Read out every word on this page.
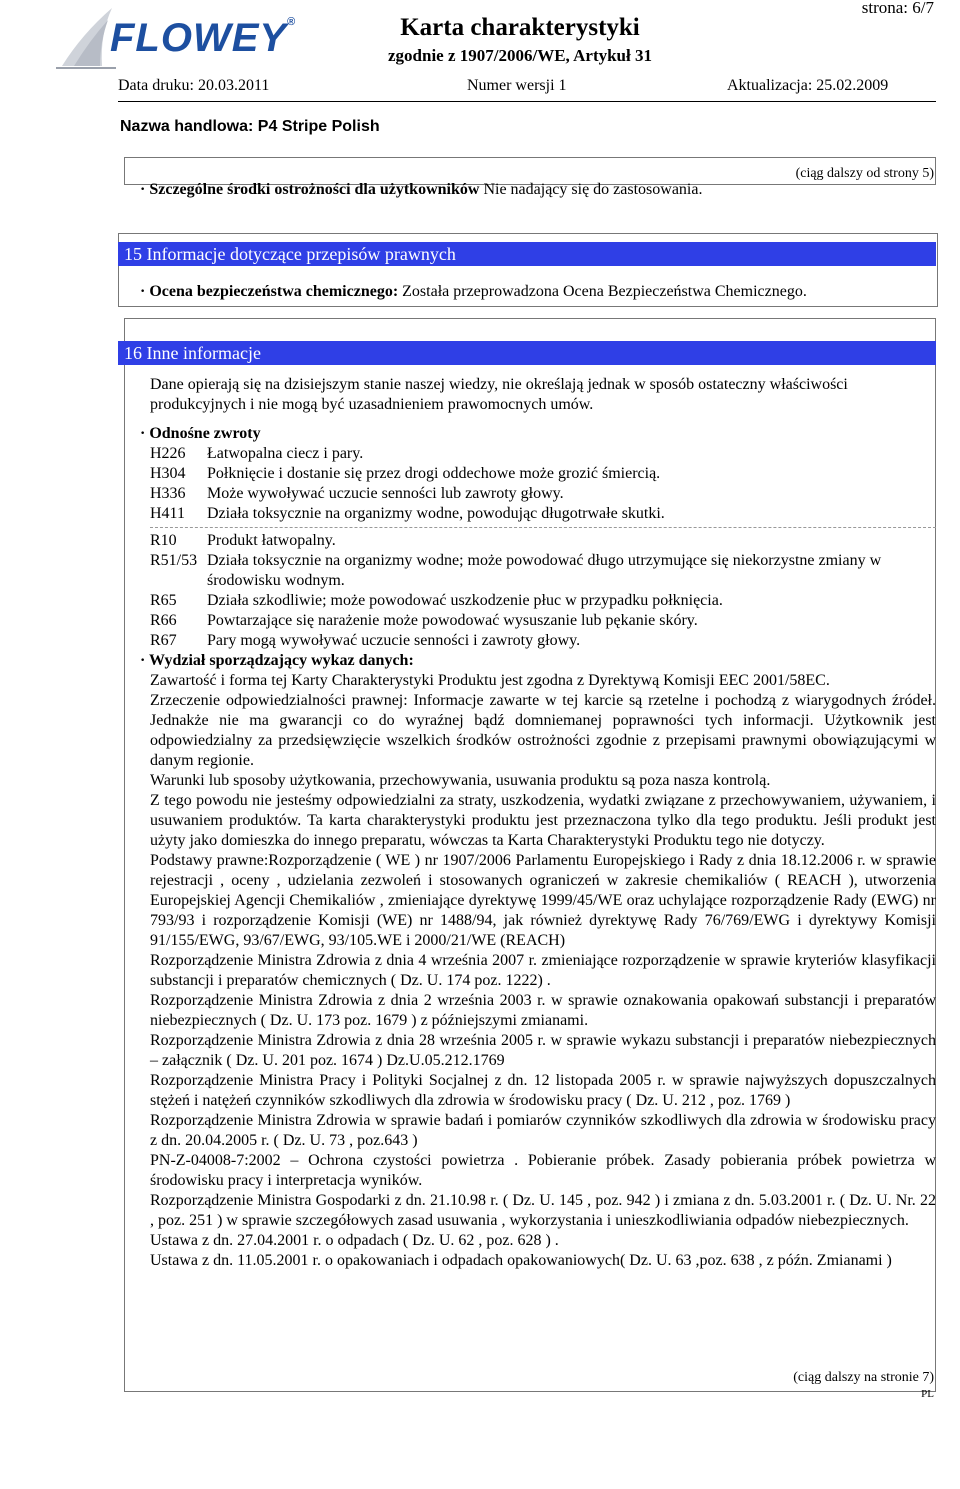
FLOWEY®	Karta charakterystyki
zgodnie z 1907/2006/WE, Artykuł 31
strona: 6/7
Data druku: 20.03.2011	Numer wersji 1	Aktualizacja: 25.02.2009
Nazwa handlowa: P4 Stripe Polish
(ciąg dalszy od strony 5)
· Szczególne środki ostrożności dla użytkowników Nie nadający się do zastosowania.
15 Informacje dotyczące przepisów prawnych
· Ocena bezpieczeństwa chemicznego: Została przeprowadzona Ocena Bezpieczeństwa Chemicznego.
16 Inne informacje
Dane opierają się na dzisiejszym stanie naszej wiedzy, nie określają jednak w sposób ostateczny właściwości produkcyjnych i nie mogą być uzasadnieniem prawomocnych umów.
· Odnośne zwroty
H226	Łatwopalna ciecz i pary.
H304	Połknięcie i dostanie się przez drogi oddechowe może grozić śmiercią.
H336	Może wywoływać uczucie senności lub zawroty głowy.
H411	Działa toksycznie na organizmy wodne, powodując długotrwałe skutki.
R10	Produkt łatwopalny.
R51/53 Działa toksycznie na organizmy wodne; może powodować długo utrzymujące się niekorzystne zmiany w środowisku wodnym.
R65	Działa szkodliwie; może powodować uszkodzenie płuc w przypadku połknięcia.
R66	Powtarzające się narażenie może powodować wysuszanie lub pękanie skóry.
R67	Pary mogą wywoływać uczucie senności i zawroty głowy.
· Wydział sporządzający wykaz danych:
Zawartość i forma tej Karty Charakterystyki Produktu jest zgodna z Dyrektywą Komisji EEC 2001/58EC.
Zrzeczenie odpowiedzialności prawnej: Informacje zawarte w tej karcie są rzetelne i pochodzą z wiarygodnych źródeł. Jednakże nie ma gwarancji co do wyraźnej bądź domniemanej poprawności tych informacji. Użytkownik jest odpowiedzialny za przedsięwzięcie wszelkich środków ostrożności zgodnie z przepisami prawnymi obowiązującymi w danym regionie.
Warunki lub sposoby użytkowania, przechowywania, usuwania produktu są poza nasza kontrolą.
Z tego powodu nie jesteśmy odpowiedzialni za straty, uszkodzenia, wydatki związane z przechowywaniem, używaniem, i usuwaniem produktów. Ta karta charakterystyki produktu jest przeznaczona tylko dla tego produktu. Jeśli produkt jest użyty jako domieszka do innego preparatu, wówczas ta Karta Charakterystyki Produktu tego nie dotyczy.
Podstawy prawne:Rozporządzenie ( WE ) nr 1907/2006 Parlamentu Europejskiego i Rady z dnia 18.12.2006 r. w sprawie rejestracji , oceny , udzielania zezwoleń i stosowanych ograniczeń w zakresie chemikaliów ( REACH ), utworzenia Europejskiej Agencji Chemikaliów , zmieniające dyrektywę 1999/45/WE oraz uchylające rozporządzenie Rady (EWG) nr 793/93 i rozporządzenie Komisji (WE) nr 1488/94, jak również dyrektywę Rady 76/769/EWG i dyrektywy Komisji 91/155/EWG, 93/67/EWG, 93/105.WE i 2000/21/WE (REACH)
Rozporządzenie Ministra Zdrowia z dnia 4 września 2007 r. zmieniające rozporządzenie w sprawie kryteriów klasyfikacji substancji i preparatów chemicznych ( Dz. U. 174 poz. 1222) .
Rozporządzenie Ministra Zdrowia z dnia 2 września 2003 r. w sprawie oznakowania opakowań substancji i preparatów niebezpiecznych ( Dz. U. 173 poz. 1679 ) z późniejszymi zmianami.
Rozporządzenie Ministra Zdrowia z dnia 28 września 2005 r. w sprawie wykazu substancji i preparatów niebezpiecznych – załącznik ( Dz. U. 201 poz. 1674 ) Dz.U.05.212.1769
Rozporządzenie Ministra Pracy i Polityki Socjalnej z dn. 12 listopada 2005 r. w sprawie najwyższych dopuszczalnych stężeń i natężeń czynników szkodliwych dla zdrowia w środowisku pracy ( Dz. U. 212 , poz. 1769 )
Rozporządzenie Ministra Zdrowia w sprawie badań i pomiarów czynników szkodliwych dla zdrowia w środowisku pracy z dn. 20.04.2005 r. ( Dz. U. 73 , poz.643 )
PN-Z-04008-7:2002 – Ochrona czystości powietrza . Pobieranie próbek. Zasady pobierania próbek powietrza w środowisku pracy i interpretacja wyników.
Rozporządzenie Ministra Gospodarki z dn. 21.10.98 r. ( Dz. U. 145 , poz. 942 ) i zmiana z dn. 5.03.2001 r. ( Dz. U. Nr. 22 , poz. 251 ) w sprawie szczegółowych zasad usuwania , wykorzystania i unieszkodliwiania odpadów niebezpiecznych.
Ustawa z dn. 27.04.2001 r. o odpadach ( Dz. U. 62 , poz. 628 ) .
Ustawa z dn. 11.05.2001 r. o opakowaniach i odpadach opakowaniowych( Dz. U. 63 ,poz. 638 , z późn. Zmianami )
(ciąg dalszy na stronie 7)
PL
